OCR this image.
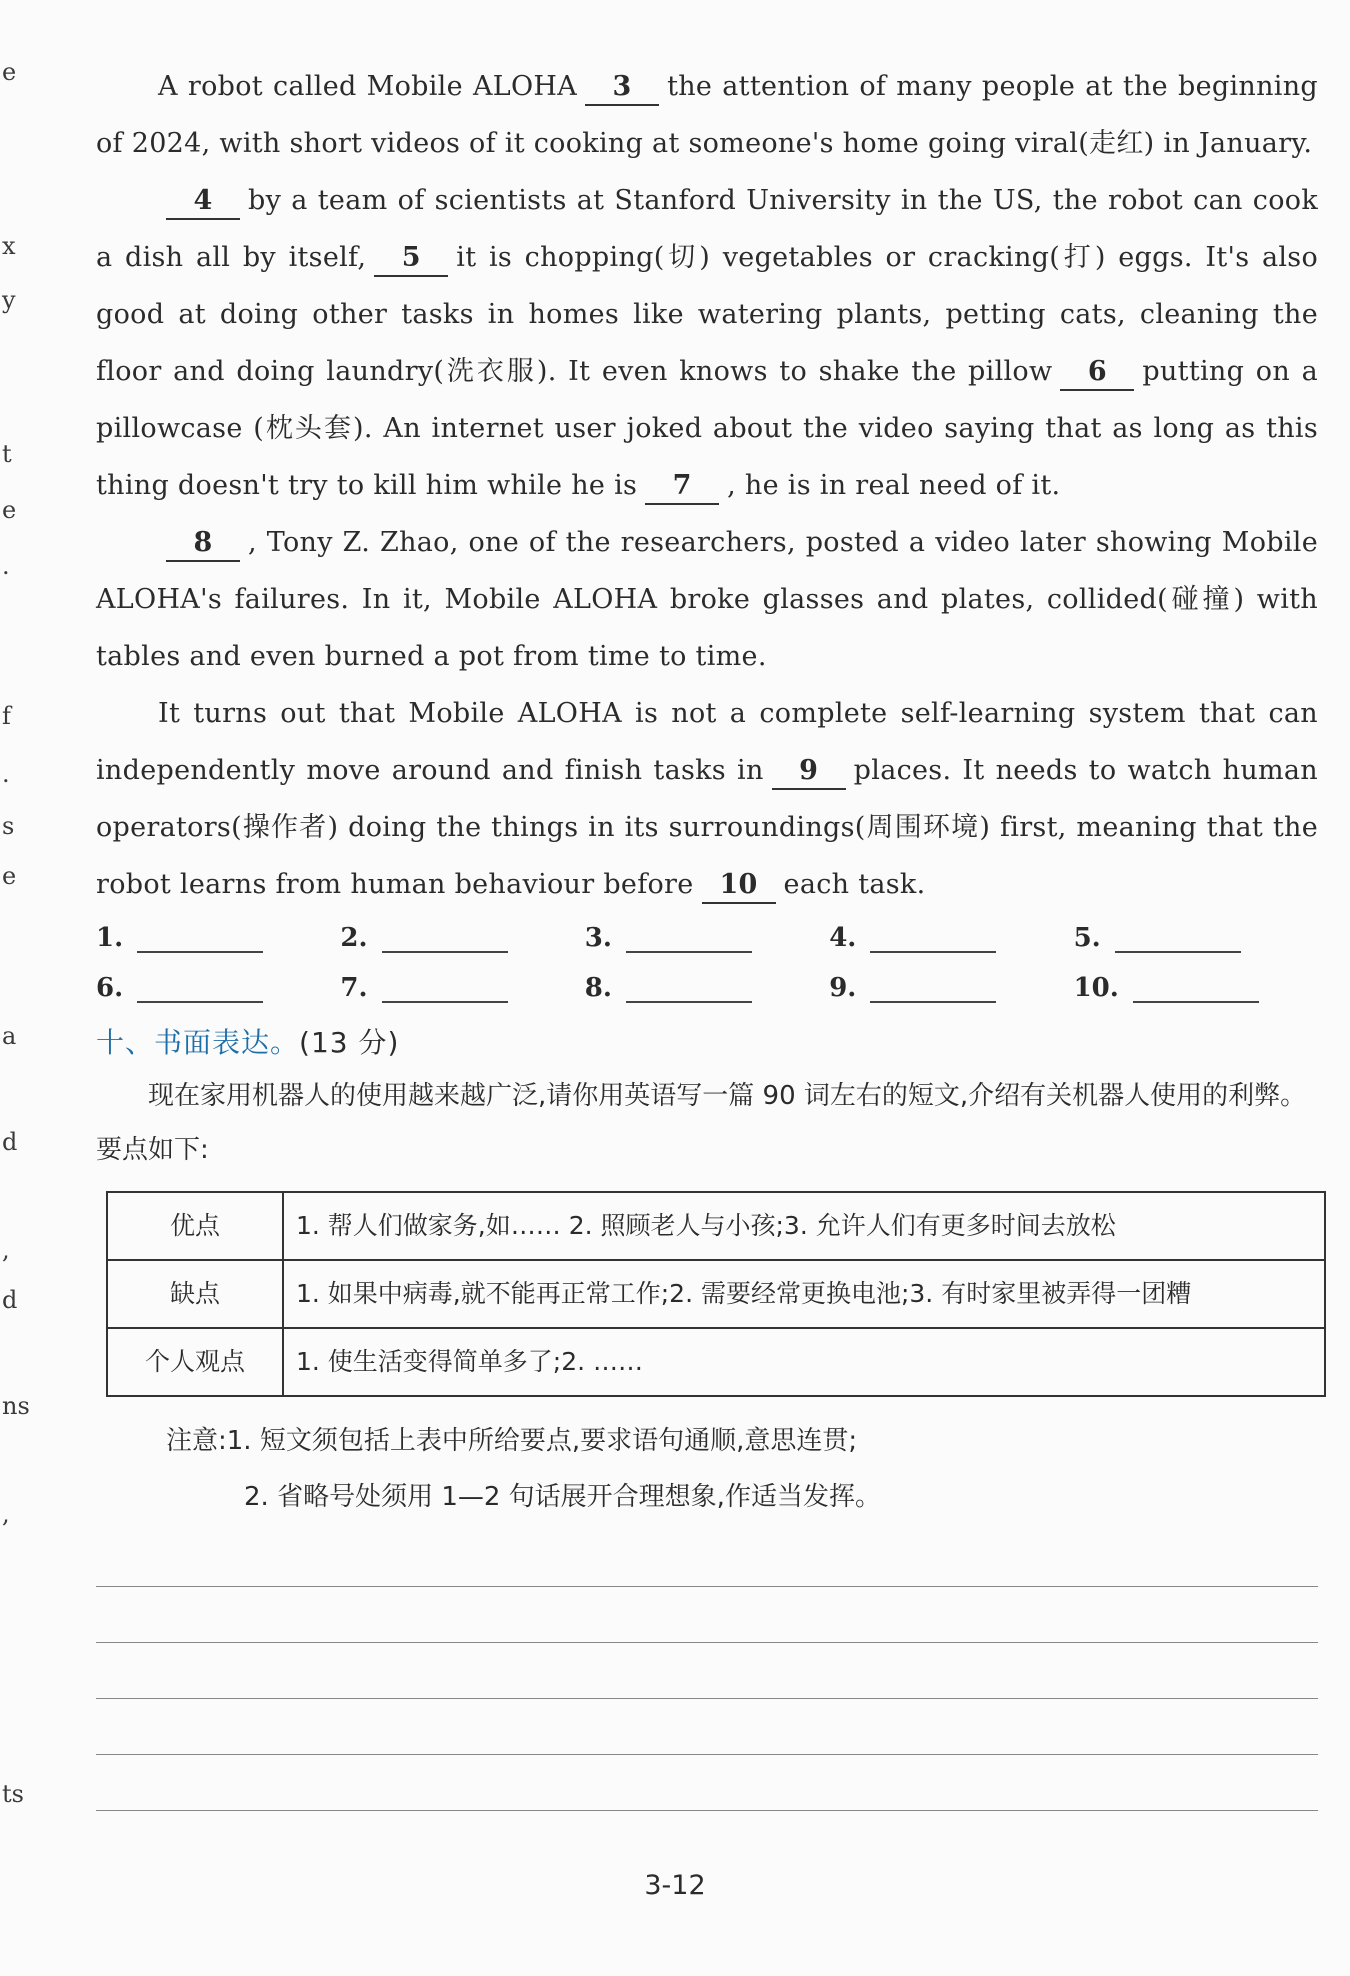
e
x
y
t
e
.
f
.
s
e
a
d
,
d
ns
,
ts

A robot called Mobile ALOHA 3 the attention of many people at the beginning of 2024, with short videos of it cooking at someone's home going viral(走红) in January.

4 by a team of scientists at Stanford University in the US, the robot can cook a dish all by itself, 5 it is chopping(切) vegetables or cracking(打) eggs. It's also good at doing other tasks in homes like watering plants, petting cats, cleaning the floor and doing laundry(洗衣服). It even knows to shake the pillow 6 putting on a pillowcase (枕头套). An internet user joked about the video saying that as long as this thing doesn't try to kill him while he is 7 , he is in real need of it.

8 , Tony Z. Zhao, one of the researchers, posted a video later showing Mobile ALOHA's failures. In it, Mobile ALOHA broke glasses and plates, collided(碰撞) with tables and even burned a pot from time to time.

It turns out that Mobile ALOHA is not a complete self-learning system that can independently move around and finish tasks in 9 places. It needs to watch human operators(操作者) doing the things in its surroundings(周围环境) first, meaning that the robot learns from human behaviour before 10 each task.

1.	2.	3.	4.	5.
6.	7.	8.	9.	10.
十、书面表达。(13 分)

现在家用机器人的使用越来越广泛,请你用英语写一篇 90 词左右的短文,介绍有关机器人使用的利弊。要点如下:

优点	1. 帮人们做家务,如…… 2. 照顾老人与小孩;3. 允许人们有更多时间去放松
缺点	1. 如果中病毒,就不能再正常工作;2. 需要经常更换电池;3. 有时家里被弄得一团糟
个人观点	1. 使生活变得简单多了;2. ……

注意:1. 短文须包括上表中所给要点,要求语句通顺,意思连贯;

2. 省略号处须用 1—2 句话展开合理想象,作适当发挥。

3-12
